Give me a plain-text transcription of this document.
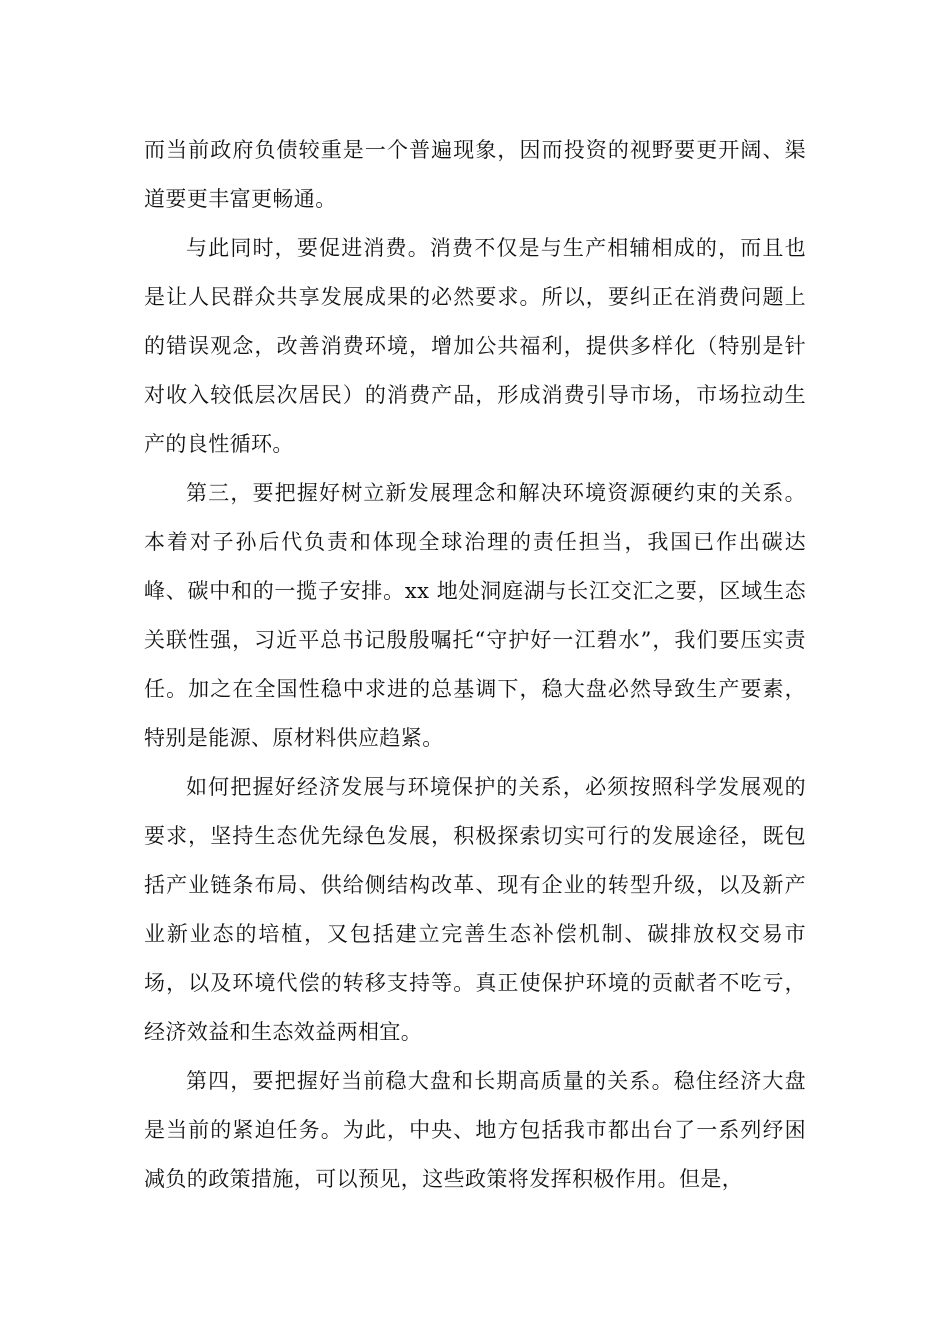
而当前政府负债较重是一个普遍现象，因而投资的视野要更开阔、渠道要更丰富更畅通。

与此同时，要促进消费。消费不仅是与生产相辅相成的，而且也是让人民群众共享发展成果的必然要求。所以，要纠正在消费问题上的错误观念，改善消费环境，增加公共福利，提供多样化（特别是针对收入较低层次居民）的消费产品，形成消费引导市场，市场拉动生产的良性循环。

第三，要把握好树立新发展理念和解决环境资源硬约束的关系。本着对子孙后代负责和体现全球治理的责任担当，我国已作出碳达峰、碳中和的一揽子安排。xx 地处洞庭湖与长江交汇之要，区域生态关联性强，习近平总书记殷殷嘱托“守护好一江碧水”，我们要压实责任。加之在全国性稳中求进的总基调下，稳大盘必然导致生产要素，特别是能源、原材料供应趋紧。

如何把握好经济发展与环境保护的关系，必须按照科学发展观的要求，坚持生态优先绿色发展，积极探索切实可行的发展途径，既包括产业链条布局、供给侧结构改革、现有企业的转型升级，以及新产业新业态的培植，又包括建立完善生态补偿机制、碳排放权交易市场，以及环境代偿的转移支持等。真正使保护环境的贡献者不吃亏，经济效益和生态效益两相宜。

第四，要把握好当前稳大盘和长期高质量的关系。稳住经济大盘是当前的紧迫任务。为此，中央、地方包括我市都出台了一系列纾困减负的政策措施，可以预见，这些政策将发挥积极作用。但是，
